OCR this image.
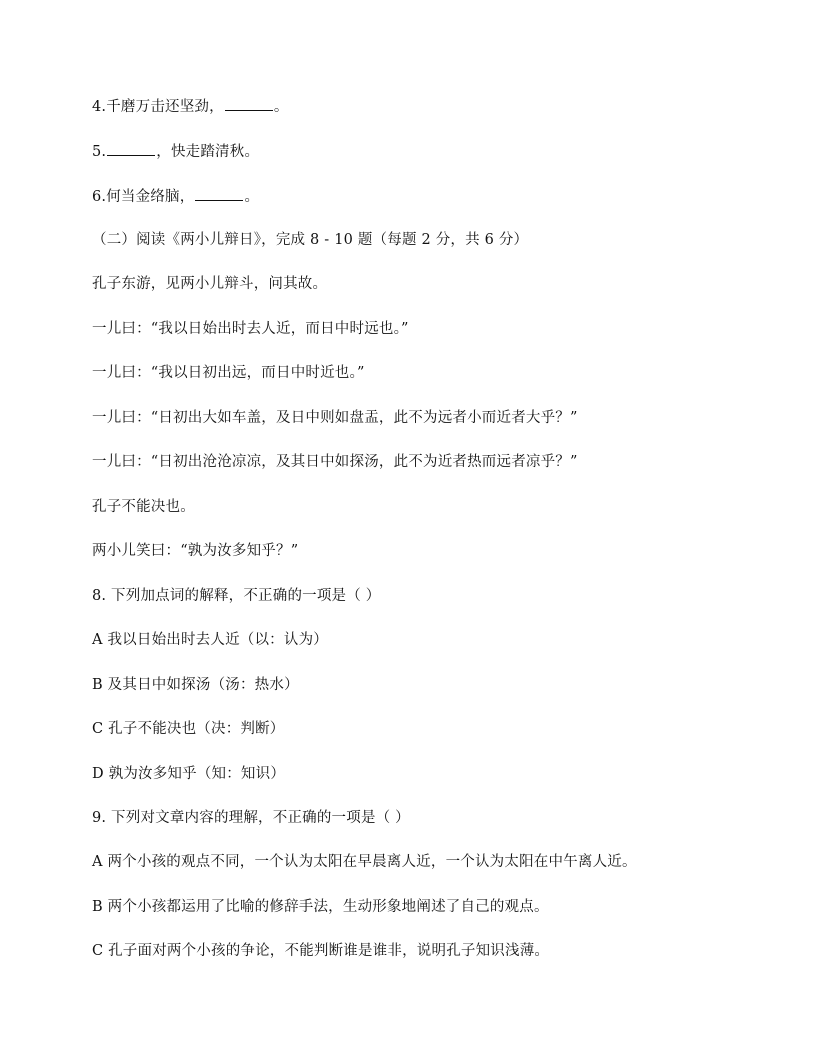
4.千磨万击还坚劲，	。
5.	，快走踏清秋。
6.何当金络脑，	。
（二）阅读《两小儿辩日》，完成 8 - 10 题（每题 2 分，共 6 分）
孔子东游，见两小儿辩斗，问其故。
一儿曰：“我以日始出时去人近，而日中时远也。”
一儿曰：“我以日初出远，而日中时近也。”
一儿曰：“日初出大如车盖，及日中则如盘盂，此不为远者小而近者大乎？”
一儿曰：“日初出沧沧凉凉，及其日中如探汤，此不为近者热而远者凉乎？”
孔子不能决也。
两小儿笑曰：“孰为汝多知乎？”
8. 下列加点词的解释，不正确的一项是（ ）
A 我以日始出时去人近（以：认为）
B 及其日中如探汤（汤：热水）
C 孔子不能决也（决：判断）
D 孰为汝多知乎（知：知识）
9. 下列对文章内容的理解，不正确的一项是（ ）
A 两个小孩的观点不同，一个认为太阳在早晨离人近，一个认为太阳在中午离人近。
B 两个小孩都运用了比喻的修辞手法，生动形象地阐述了自己的观点。
C 孔子面对两个小孩的争论，不能判断谁是谁非，说明孔子知识浅薄。
